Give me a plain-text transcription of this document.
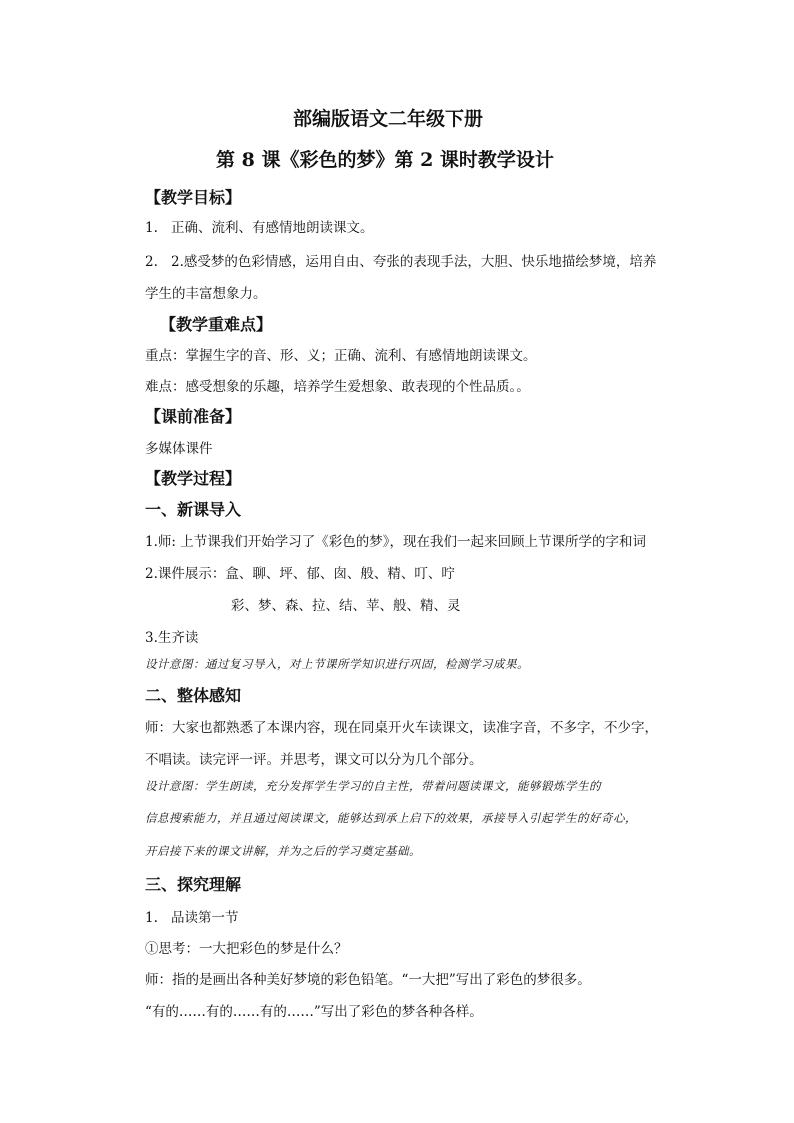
部编版语文二年级下册
第 8 课《彩色的梦》第 2 课时教学设计
【教学目标】
1. 正确、流利、有感情地朗读课文。
2. 2.感受梦的色彩情感，运用自由、夸张的表现手法，大胆、快乐地描绘梦境，培养
学生的丰富想象力。
【教学重难点】
重点：掌握生字的音、形、义；正确、流利、有感情地朗读课文。
难点：感受想象的乐趣，培养学生爱想象、敢表现的个性品质。。
【课前准备】
多媒体课件
【教学过程】
一、新课导入
1.师: 上节课我们开始学习了《彩色的梦》，现在我们一起来回顾上节课所学的字和词
2.课件展示：盒、聊、坪、郁、囱、般、精、叮、咛
彩、梦、森、拉、结、苹、般、精、灵
3.生齐读
设计意图：通过复习导入，对上节课所学知识进行巩固，检测学习成果。
二、整体感知
师：大家也都熟悉了本课内容，现在同桌开火车读课文，读准字音，不多字，不少字，
不唱读。读完评一评。并思考，课文可以分为几个部分。
设计意图：学生朗读，充分发挥学生学习的自主性，带着问题读课文，能够锻炼学生的
信息搜索能力，并且通过阅读课文，能够达到承上启下的效果，承接导入引起学生的好奇心，
开启接下来的课文讲解，并为之后的学习奠定基础。
三、探究理解
1. 品读第一节
①思考：一大把彩色的梦是什么？
师：指的是画出各种美好梦境的彩色铅笔。“一大把”写出了彩色的梦很多。
“有的……有的……有的……”写出了彩色的梦各种各样。
